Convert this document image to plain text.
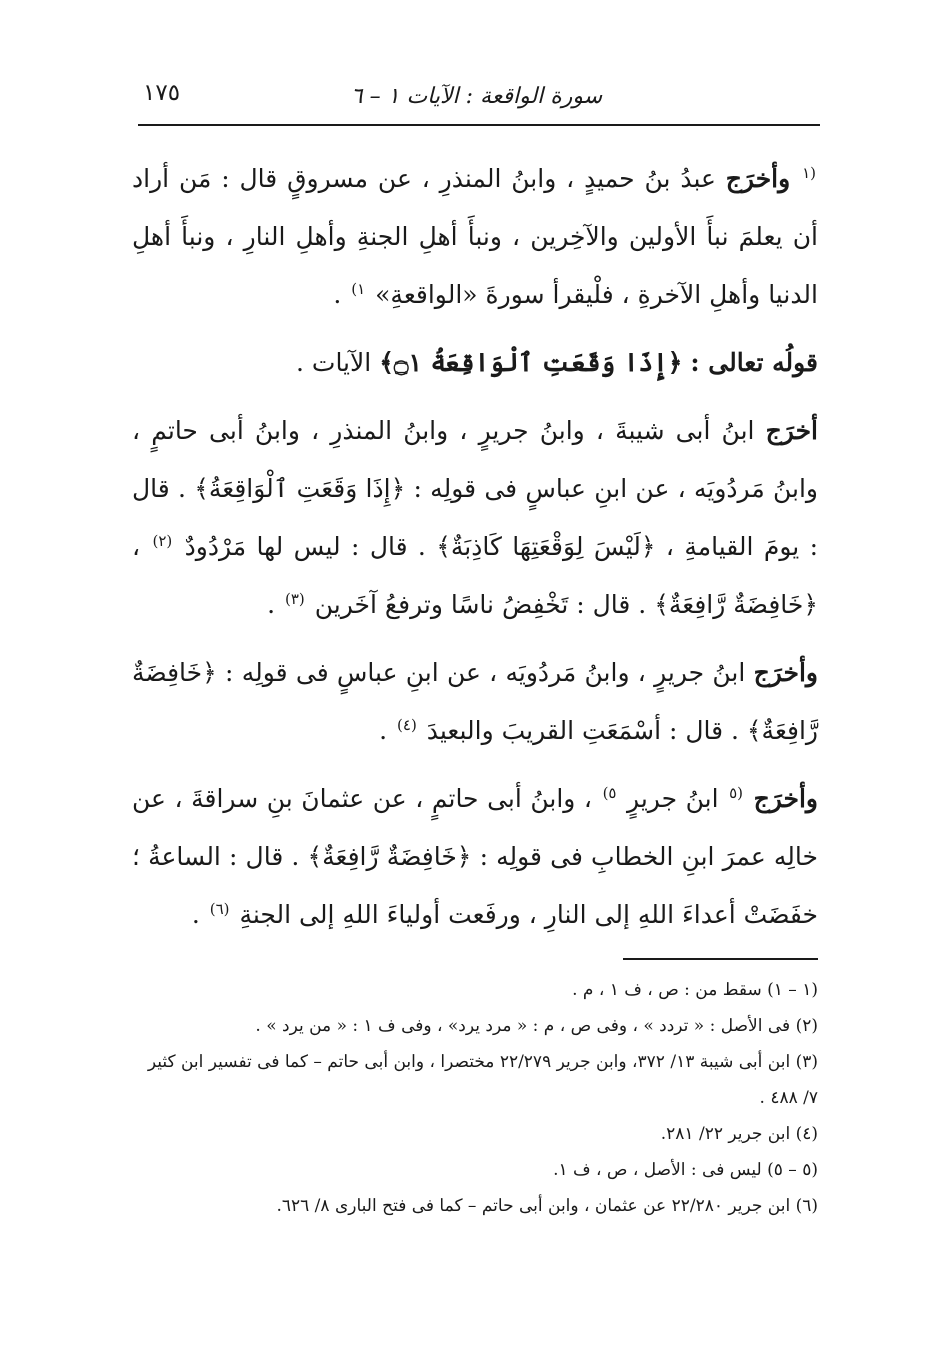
سورة الواقعة : الآيات ١ – ٦
١٧٥

$^{(١}$ وأخرَج عبدُ بنُ حميدٍ ، وابنُ المنذرِ ، عن مسروقٍ قال : مَن أراد أن يعلمَ نبأَ الأولين والآخِرين ، ونبأَ أهلِ الجنةِ وأهلِ النارِ ، ونبأَ أهلِ الدنيا وأهلِ الآخرةِ ، فلْيقرأ سورةَ «الواقعةِ» $^{١)}$ .

قولُه تعالى : ﴿إِذَا وَقَعَتِ ٱلْوَاقِعَةُ ۝١﴾ الآيات .

أخرَج ابنُ أبى شيبةَ ، وابنُ جريرٍ ، وابنُ المنذرِ ، وابنُ أبى حاتمٍ ، وابنُ مَردُويَه ، عن ابنِ عباسٍ فى قولِه : ﴿إِذَا وَقَعَتِ ٱلْوَاقِعَةُ﴾ . قال : يومَ القيامةِ ، ﴿لَيْسَ لِوَقْعَتِهَا كَاذِبَةٌ﴾ . قال : ليس لها مَرْدُودٌ $^{(٢)}$ ، ﴿خَافِضَةٌ رَّافِعَةٌ﴾ . قال : تَخْفِضُ ناسًا وترفعُ آخَرين $^{(٣)}$ .

وأخرَج ابنُ جريرٍ ، وابنُ مَردُويَه ، عن ابنِ عباسٍ فى قولِه : ﴿خَافِضَةٌ رَّافِعَةٌ﴾ . قال : أسْمَعَتِ القريبَ والبعيدَ $^{(٤)}$ .

وأخرَج $^{(٥}$ ابنُ جريرٍ $^{٥)}$ ، وابنُ أبى حاتمٍ ، عن عثمانَ بنِ سراقةَ ، عن خالِه عمرَ ابنِ الخطابِ فى قولِه : ﴿خَافِضَةٌ رَّافِعَةٌ﴾ . قال : الساعةُ ؛ خفَضَتْ أعداءَ اللهِ إلى النارِ ، ورفَعت أولياءَ اللهِ إلى الجنةِ $^{(٦)}$ .

(١ – ١) سقط من : ص ، ف ١ ، م .
(٢) فى الأصل : « تردد » ، وفى ص ، م : « مرد يرد» ، وفى ف ١ : « من يرد » .
(٣) ابن أبى شيبة ١٣/ ٣٧٢، وابن جرير ٢٢/٢٧٩ مختصرا ، وابن أبى حاتم – كما فى تفسير ابن كثير ٧/ ٤٨٨ .
(٤) ابن جرير ٢٢/ ٢٨١.
(٥ – ٥) ليس فى : الأصل ، ص ، ف ١.
(٦) ابن جرير ٢٢/٢٨٠ عن عثمان ، وابن أبى حاتم – كما فى فتح البارى ٨/ ٦٢٦.
